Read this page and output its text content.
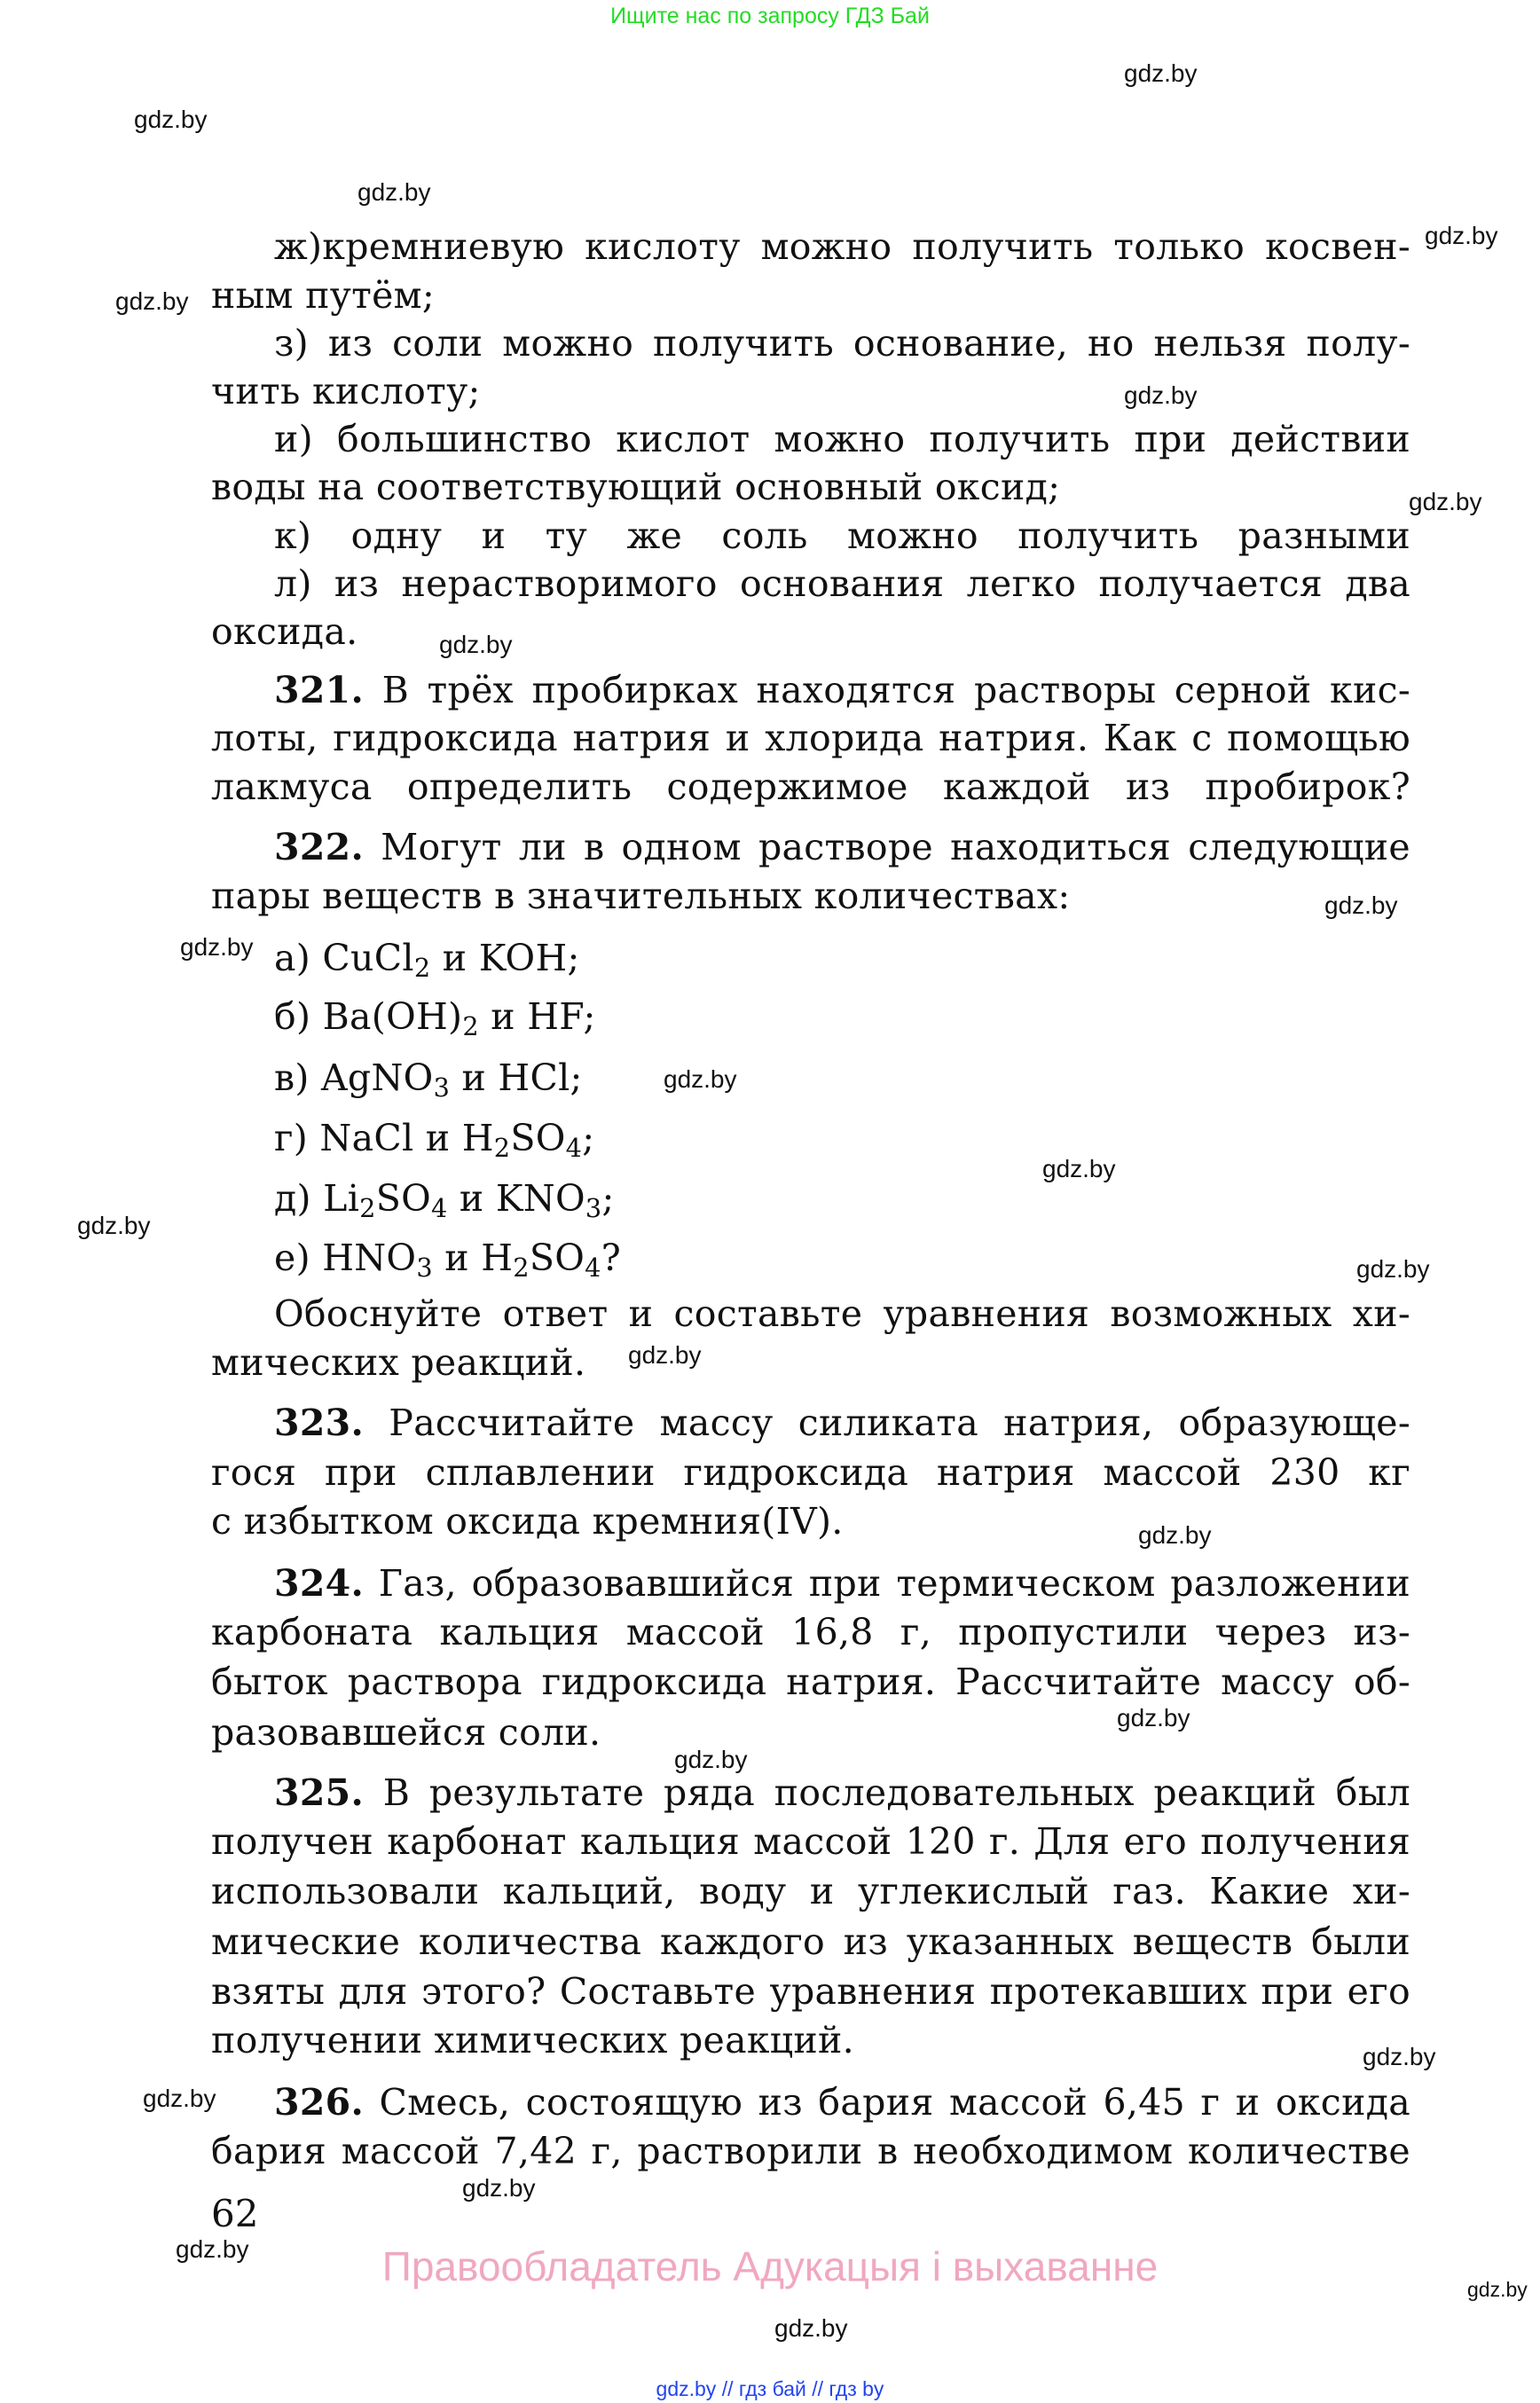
Ищите нас по запросу ГДЗ Бай
ж)кремниевую кислоту можно получить только косвен-
ным путём;
з) из соли можно получить основание, но нельзя полу-
чить кислоту;
и) большинство кислот можно получить при действии
воды на соответствующий основный оксид;
к) одну и ту же соль можно получить разными
л) из нерастворимого основания легко получается два
оксида.
321. В трёх пробирках находятся растворы серной кис-
лоты, гидроксида натрия и хлорида натрия. Как с помощью
лакмуса определить содержимое каждой из пробирок?
322. Могут ли в одном растворе находиться следующие
пары веществ в значительных количествах:
а) CuCl$_2$ и KOH;
б) $Ba(OH)_2$ и HF;
в) AgNO$_3$ и HCl;
г) NaCl и $H_2SO_4$;
д) $Li_2SO_4$ и $KNO_3$;
е) $HNO_3$ и $H_2SO_4$?
Обоснуйте ответ и составьте уравнения возможных хи-
мических реакций.
323. Рассчитайте массу силиката натрия, образующе-
гося при сплавлении гидроксида натрия массой 230 кг
с избытком оксида кремния(IV).
324. Газ, образовавшийся при термическом разложении
карбоната кальция массой 16,8 г, пропустили через из-
быток раствора гидроксида натрия. Рассчитайте массу об-
разовавшейся соли.
325. В результате ряда последовательных реакций был
получен карбонат кальция массой 120 г. Для его получения
использовали кальций, воду и углекислый газ. Какие хи-
мические количества каждого из указанных веществ были
взяты для этого? Составьте уравнения протекавших при его
получении химических реакций.
326. Смесь, состоящую из бария массой 6,45 г и оксида
бария массой 7,42 г, растворили в необходимом количестве
62
gdz.by
gdz.by
gdz.by
gdz.by
gdz.by
gdz.by
gdz.by
gdz.by
gdz.by
gdz.by
gdz.by
gdz.by
gdz.by
gdz.by
gdz.by
gdz.by
gdz.by
gdz.by
gdz.by
gdz.by
gdz.by
gdz.by
gdz.by
gdz.by
Правообладатель Адукацыя і выхаванне
gdz.by // гдз бай // гдз by
